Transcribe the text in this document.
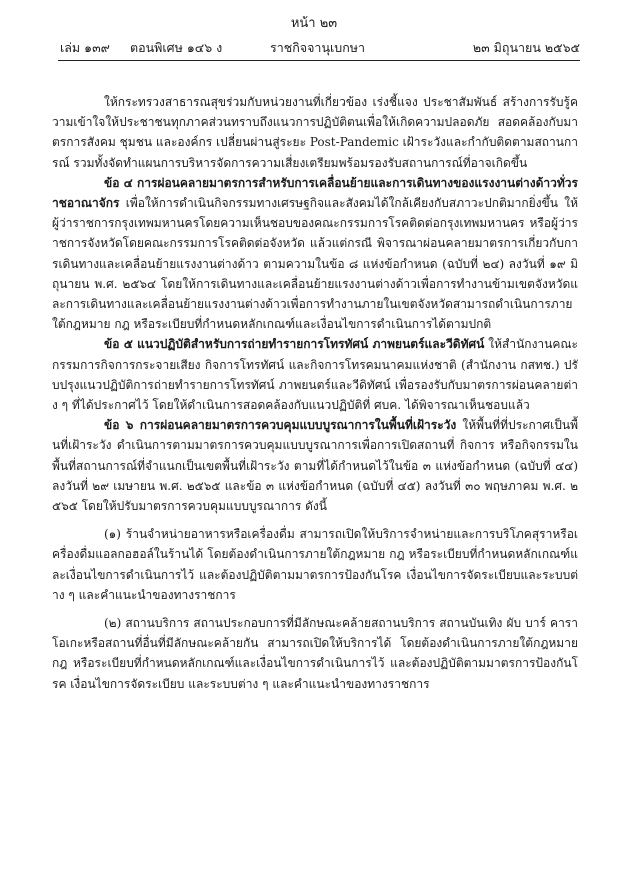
หน้า ๒๓
เล่ม ๑๓๙ ตอนพิเศษ ๑๔๖ ง	ราชกิจจานุเบกษา	๒๓ มิถุนายน ๒๕๖๕

ให้กระทรวงสาธารณสุขร่วมกับหน่วยงานที่เกี่ยวข้อง เร่งชี้แจง ประชาสัมพันธ์ สร้างการรับรู้ความเข้าใจให้ประชาชนทุกภาคส่วนทราบถึงแนวการปฏิบัติตนเพื่อให้เกิดความปลอดภัย สอดคล้องกับมาตรการสังคม ชุมชน และองค์กร เปลี่ยนผ่านสู่ระยะ Post-Pandemic เฝ้าระวังและกำกับติดตามสถานการณ์ รวมทั้งจัดทำแผนการบริหารจัดการความเสี่ยงเตรียมพร้อมรองรับสถานการณ์ที่อาจเกิดขึ้น

ข้อ ๔ การผ่อนคลายมาตรการสำหรับการเคลื่อนย้ายและการเดินทางของแรงงานต่างด้าวทั่วราชอาณาจักร เพื่อให้การดำเนินกิจกรรมทางเศรษฐกิจและสังคมได้ใกล้เคียงกับสภาวะปกติมากยิ่งขึ้น ให้ผู้ว่าราชการกรุงเทพมหานครโดยความเห็นชอบของคณะกรรมการโรคติดต่อกรุงเทพมหานคร หรือผู้ว่าราชการจังหวัดโดยคณะกรรมการโรคติดต่อจังหวัด แล้วแต่กรณี พิจารณาผ่อนคลายมาตรการเกี่ยวกับการเดินทางและเคลื่อนย้ายแรงงานต่างด้าว ตามความในข้อ ๘ แห่งข้อกำหนด (ฉบับที่ ๒๔) ลงวันที่ ๑๙ มิถุนายน พ.ศ. ๒๕๖๔ โดยให้การเดินทางและเคลื่อนย้ายแรงงานต่างด้าวเพื่อการทำงานข้ามเขตจังหวัดและการเดินทางและเคลื่อนย้ายแรงงานต่างด้าวเพื่อการทำงานภายในเขตจังหวัดสามารถดำเนินการภายใต้กฎหมาย กฎ หรือระเบียบที่กำหนดหลักเกณฑ์และเงื่อนไขการดำเนินการได้ตามปกติ

ข้อ ๕ แนวปฏิบัติสำหรับการถ่ายทำรายการโทรทัศน์ ภาพยนตร์และวีดิทัศน์ ให้สำนักงานคณะกรรมการกิจการกระจายเสียง กิจการโทรทัศน์ และกิจการโทรคมนาคมแห่งชาติ (สำนักงาน กสทช.) ปรับปรุงแนวปฏิบัติการถ่ายทำรายการโทรทัศน์ ภาพยนตร์และวีดิทัศน์ เพื่อรองรับกับมาตรการผ่อนคลายต่าง ๆ ที่ได้ประกาศไว้ โดยให้ดำเนินการสอดคล้องกับแนวปฏิบัติที่ ศบค. ได้พิจารณาเห็นชอบแล้ว

ข้อ ๖ การผ่อนคลายมาตรการควบคุมแบบบูรณาการในพื้นที่เฝ้าระวัง ให้พื้นที่ที่ประกาศเป็นพื้นที่เฝ้าระวัง ดำเนินการตามมาตรการควบคุมแบบบูรณาการเพื่อการเปิดสถานที่ กิจการ หรือกิจกรรมในพื้นที่สถานการณ์ที่จำแนกเป็นเขตพื้นที่เฝ้าระวัง ตามที่ได้กำหนดไว้ในข้อ ๓ แห่งข้อกำหนด (ฉบับที่ ๔๔) ลงวันที่ ๒๙ เมษายน พ.ศ. ๒๕๖๕ และข้อ ๓ แห่งข้อกำหนด (ฉบับที่ ๔๕) ลงวันที่ ๓๐ พฤษภาคม พ.ศ. ๒๕๖๕ โดยให้ปรับมาตรการควบคุมแบบบูรณาการ ดังนี้

(๑) ร้านจำหน่ายอาหารหรือเครื่องดื่ม สามารถเปิดให้บริการจำหน่ายและการบริโภคสุราหรือเครื่องดื่มแอลกอฮอล์ในร้านได้ โดยต้องดำเนินการภายใต้กฎหมาย กฎ หรือระเบียบที่กำหนดหลักเกณฑ์และเงื่อนไขการดำเนินการไว้ และต้องปฏิบัติตามมาตรการป้องกันโรค เงื่อนไขการจัดระเบียบและระบบต่าง ๆ และคำแนะนำของทางราชการ

(๒) สถานบริการ สถานประกอบการที่มีลักษณะคล้ายสถานบริการ สถานบันเทิง ผับ บาร์ คาราโอเกะหรือสถานที่อื่นที่มีลักษณะคล้ายกัน สามารถเปิดให้บริการได้ โดยต้องดำเนินการภายใต้กฎหมาย กฎ หรือระเบียบที่กำหนดหลักเกณฑ์และเงื่อนไขการดำเนินการไว้ และต้องปฏิบัติตามมาตรการป้องกันโรค เงื่อนไขการจัดระเบียบ และระบบต่าง ๆ และคำแนะนำของทางราชการ
